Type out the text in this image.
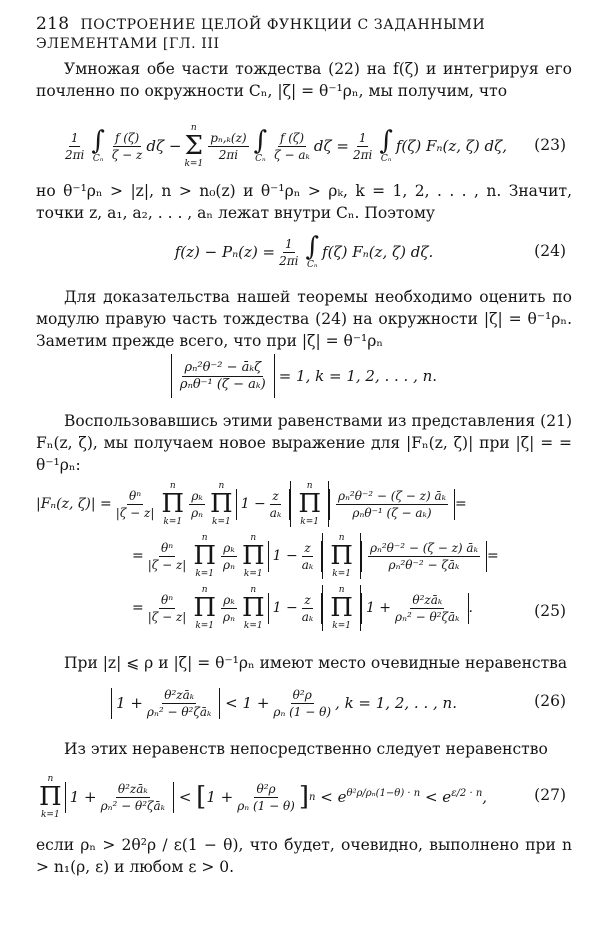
218 ПОСТРОЕНИЕ ЦЕЛОЙ ФУНКЦИИ С ЗАДАННЫМИ ЭЛЕМЕНТАМИ [ГЛ. III
Умножая обе части тождества (22) на f(ζ) и интегрируя его почленно по окружности Cₙ, |ζ| = θ⁻¹ρₙ, мы получим, что
$\frac{1}{2\pi i}$ ∫
Cₙ $\frac{f (\zeta)}{\zeta - z}$ dζ −
n
Σ
k=1
$\frac{\text{pₙ,ₖ(z)}}{2\pi i}$ ∫
Cₙ $\frac{f (\zeta)}{\text{ζ − aₖ}}$ $d\zeta = \frac{1}{2\pi i}$ ∫
Cₙ
f(ζ) Fₙ(z, ζ) dζ, (23)
но θ⁻¹ρₙ > |z|, n > n₀(z) и θ⁻¹ρₙ > ρₖ, k = 1, 2, . . . , n. Значит, точки z, a₁, a₂, . . . , aₙ лежат внутри Cₙ. Поэтому
$f(z) - P_n(z) = \frac{1}{2\pi i}$ ∫
Cₙ
f(ζ) Fₙ(z, ζ) dζ.	(24)
Для доказательства нашей теоремы необходимо оценить по модулю правую часть тождества (24) на окружности |ζ| = θ⁻¹ρₙ. Заметим прежде всего, что при |ζ| = θ⁻¹ρₙ
$\frac{\text{ρₙ²θ⁻² − āₖζ}}{\text{ρₙθ⁻¹ (ζ − aₖ)}} = 1$, k = 1, 2, . . . , n.
Воспользовавшись этими равенствами из представления (21) Fₙ(z, ζ), мы получаем новое выражение для |Fₙ(z, ζ)| при |ζ| = = θ⁻¹ρₙ:
|Fₙ(z, $\zeta)| = \frac{\text{θⁿ}}{|\zeta - z|}$
n
Π
k=1
$\frac{\text{ρₖ}}{\text{ρₙ}}$
n
Π
k=1
$1 - \frac{z}{\text{aₖ}}$
n
Π
k=1
$\frac{\text{ρₙ²θ⁻² − (ζ − z) āₖ}}{\text{ρₙθ⁻¹ (ζ − aₖ)}}$ =
= $\frac{\text{θⁿ}}{|\zeta - z|}$
n
Π
k=1
$\frac{\text{ρₖ}}{\text{ρₙ}}$
n
Π
k=1
$1 - \frac{z}{\text{aₖ}}$
n
Π
k=1
$\frac{\text{ρₙ²θ⁻² − (ζ − z) āₖ}}{\text{ρₙ²θ⁻² − ζāₖ}}$ =
= $\frac{\text{θⁿ}}{|\zeta - z|}$
n
Π
k=1
$\frac{\text{ρₖ}}{\text{ρₙ}}$
n
Π
k=1
$1 - \frac{z}{\text{aₖ}}$
n
Π
k=1
$1 + \frac{\text{θ²zāₖ}}{\text{ρₙ² − θ²ζāₖ}}$ .	(25)
При |z| ⩽ ρ и |ζ| = θ⁻¹ρₙ имеют место очевидные неравенства
$1 + \frac{\text{θ²zāₖ}}{\text{ρₙ² − θ²ζāₖ}} < 1 + \frac{\text{θ²ρ}}{\text{ρₙ (1 − θ)}}$ , k = 1, 2, . . , n.	(26)
Из этих неравенств непосредственно следует неравенство
n
Π
k=1
$1 + \frac{\text{θ²zāₖ}}{\text{ρₙ² − θ²ζāₖ}}$ < [ $1 + \frac{\text{θ²ρ}}{\text{ρₙ (1 − θ)}}$ ] $n < e^{\theta^2\rho/\rho_n(1-\theta) \cdot n} < e^{\varepsilon/2 \cdot n}$,	(27)
если ρₙ > 2θ²ρ / ε(1 − θ), что будет, очевидно, выполнено при n > n₁(ρ, ε) и любом ε > 0.
